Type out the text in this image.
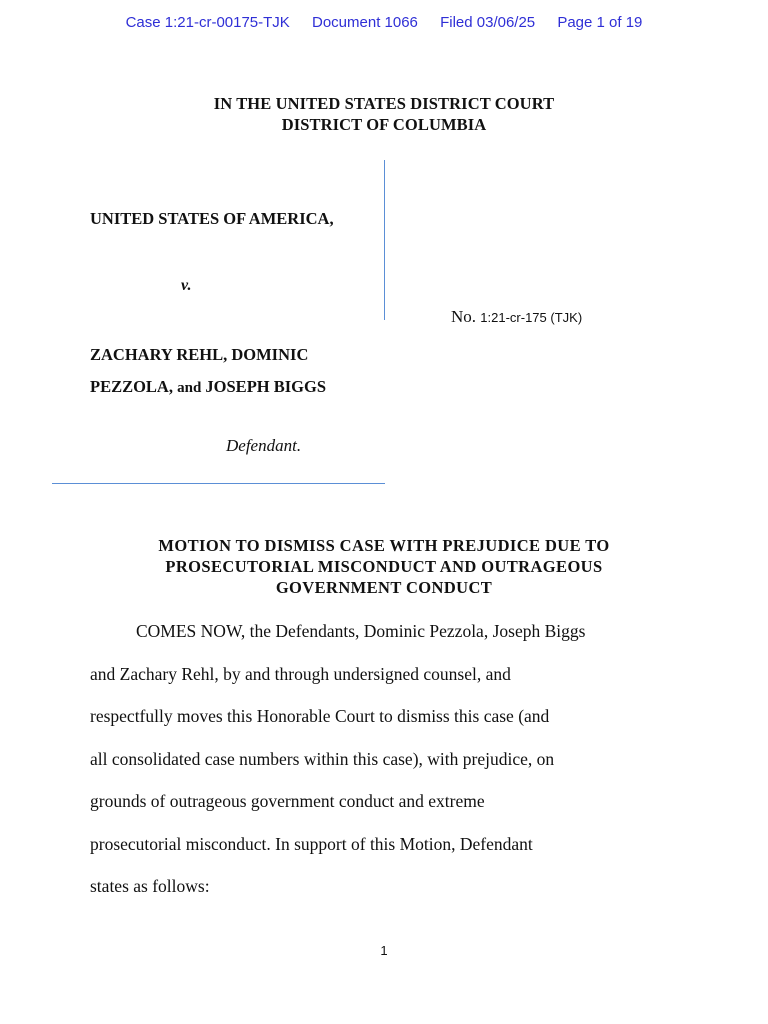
Case 1:21-cr-00175-TJK Document 1066 Filed 03/06/25 Page 1 of 19
IN THE UNITED STATES DISTRICT COURT
DISTRICT OF COLUMBIA
UNITED STATES OF AMERICA,
v.
ZACHARY REHL, DOMINIC
PEZZOLA, and JOSEPH BIGGS
Defendant.
No. 1:21-cr-175 (TJK)
MOTION TO DISMISS CASE WITH PREJUDICE DUE TO
PROSECUTORIAL MISCONDUCT AND OUTRAGEOUS
GOVERNMENT CONDUCT
COMES NOW, the Defendants, Dominic Pezzola, Joseph Biggs
and Zachary Rehl, by and through undersigned counsel, and
respectfully moves this Honorable Court to dismiss this case (and
all consolidated case numbers within this case), with prejudice, on
grounds of outrageous government conduct and extreme
prosecutorial misconduct. In support of this Motion, Defendant
states as follows:
1
